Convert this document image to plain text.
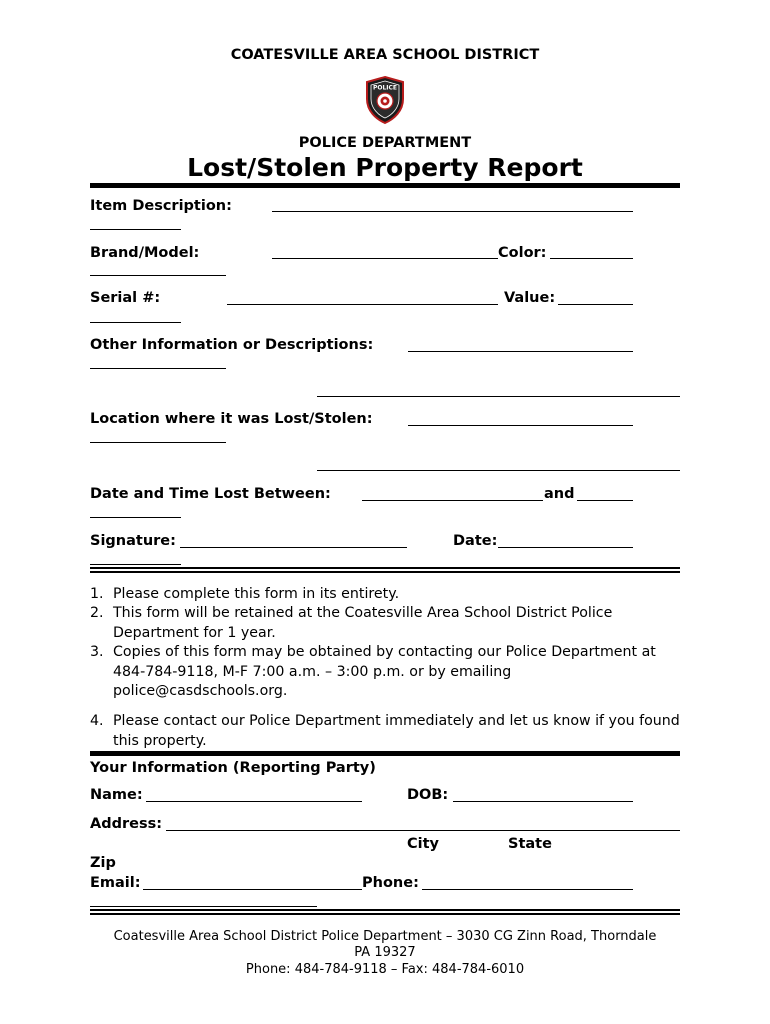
COATESVILLE AREA SCHOOL DISTRICT
POLICE
POLICE DEPARTMENT
Lost/Stolen Property Report
Item Description:
Brand/Model:	Color:
Serial #:	Value:
Other Information or Descriptions:
Location where it was Lost/Stolen:
Date and Time Lost Between:	and
Signature:	Date:
1. Please complete this form in its entirety.
2. This form will be retained at the Coatesville Area School District Police Department for 1 year.
3. Copies of this form may be obtained by contacting our Police Department at 484-784-9118, M-F 7:00 a.m. – 3:00 p.m. or by emailing police@casdschools.org.
4. Please contact our Police Department immediately and let us know if you found this property.
Your Information (Reporting Party)
Name:	DOB:
Address:
City	State
Zip
Email:	Phone:
Coatesville Area School District Police Department – 3030 CG Zinn Road, Thorndale
PA 19327
Phone: 484-784-9118 – Fax: 484-784-6010
